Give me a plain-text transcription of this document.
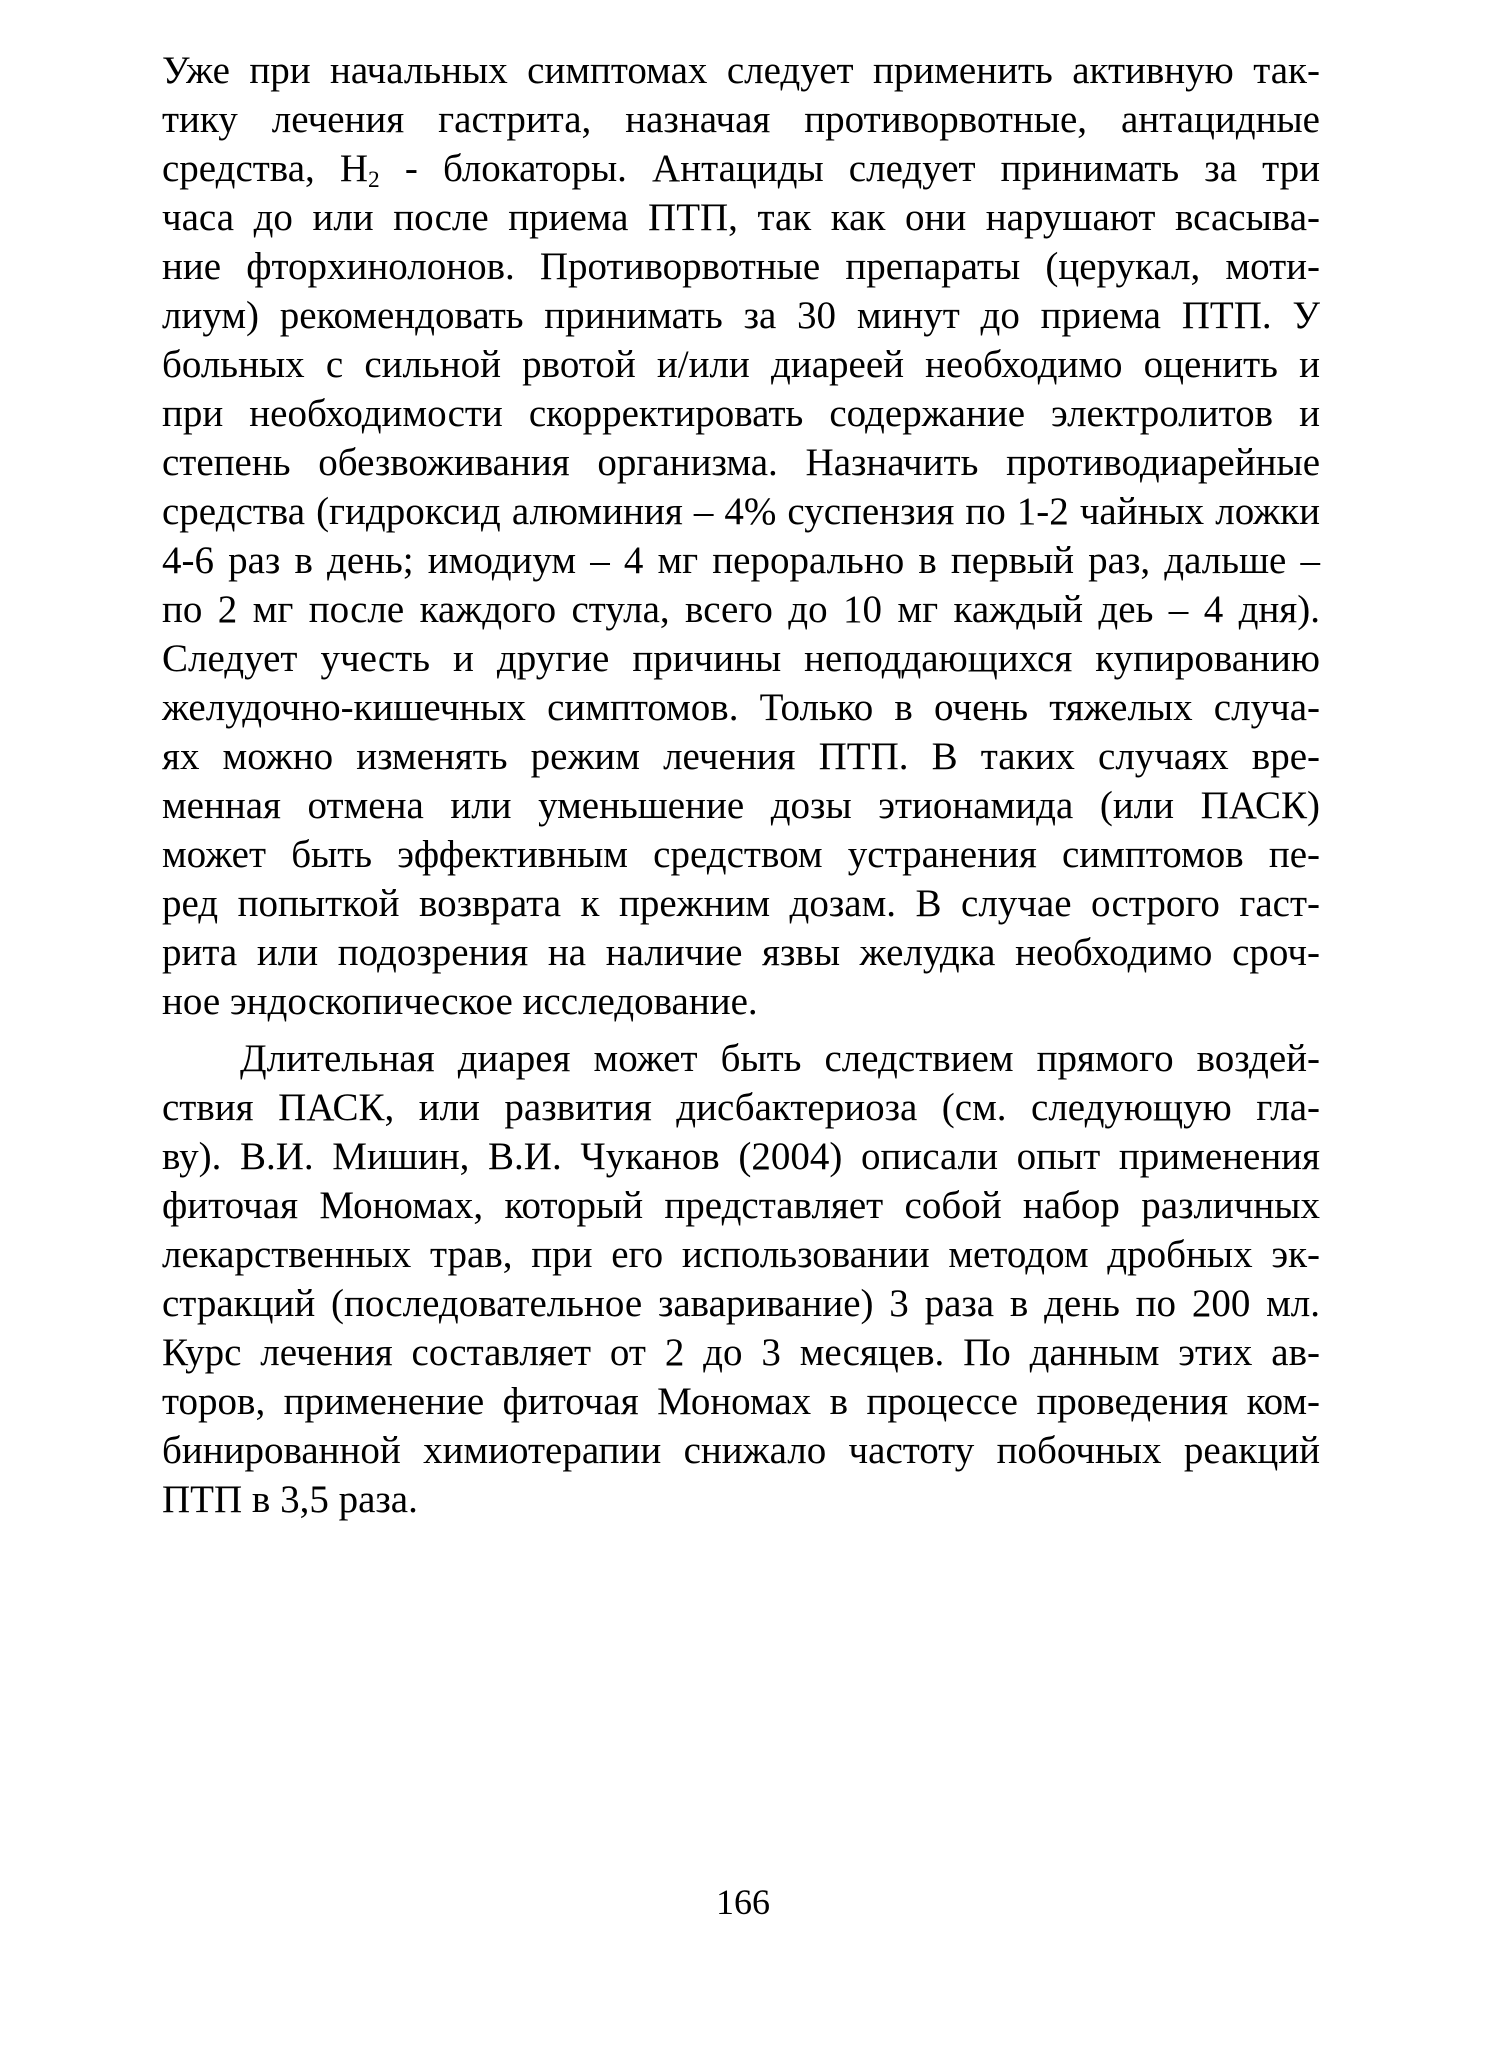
Уже при начальных симптомах следует применить активную так-
тику лечения гастрита, назначая противорвотные, антацидные
средства, $Н_2$ - блокаторы. Антациды следует принимать за три
часа до или после приема ПТП, так как они нарушают всасыва-
ние фторхинолонов. Противорвотные препараты (церукал, моти-
лиум) рекомендовать принимать за 30 минут до приема ПТП. У
больных с сильной рвотой и/или диареей необходимо оценить и
при необходимости скорректировать содержание электролитов и
степень обезвоживания организма. Назначить противодиарейные
средства (гидроксид алюминия – 4% суспензия по 1-2 чайных ложки
4-6 раз в день; имодиум – 4 мг перорально в первый раз, дальше –
по 2 мг после каждого стула, всего до 10 мг каждый деь – 4 дня).
Следует учесть и другие причины неподдающихся купированию
желудочно-кишечных симптомов. Только в очень тяжелых случа-
ях можно изменять режим лечения ПТП. В таких случаях вре-
менная отмена или уменьшение дозы этионамида (или ПАСК)
может быть эффективным средством устранения симптомов пе-
ред попыткой возврата к прежним дозам. В случае острого гаст-
рита или подозрения на наличие язвы желудка необходимо сроч-
ное эндоскопическое исследование.
Длительная диарея может быть следствием прямого воздей-
ствия ПАСК, или развития дисбактериоза (см. следующую гла-
ву). В.И. Мишин, В.И. Чуканов (2004) описали опыт применения
фиточая Мономах, который представляет собой набор различных
лекарственных трав, при его использовании методом дробных эк-
стракций (последовательное заваривание) 3 раза в день по 200 мл.
Курс лечения составляет от 2 до 3 месяцев. По данным этих ав-
торов, применение фиточая Мономах в процессе проведения ком-
бинированной химиотерапии снижало частоту побочных реакций
ПТП в 3,5 раза.
166
